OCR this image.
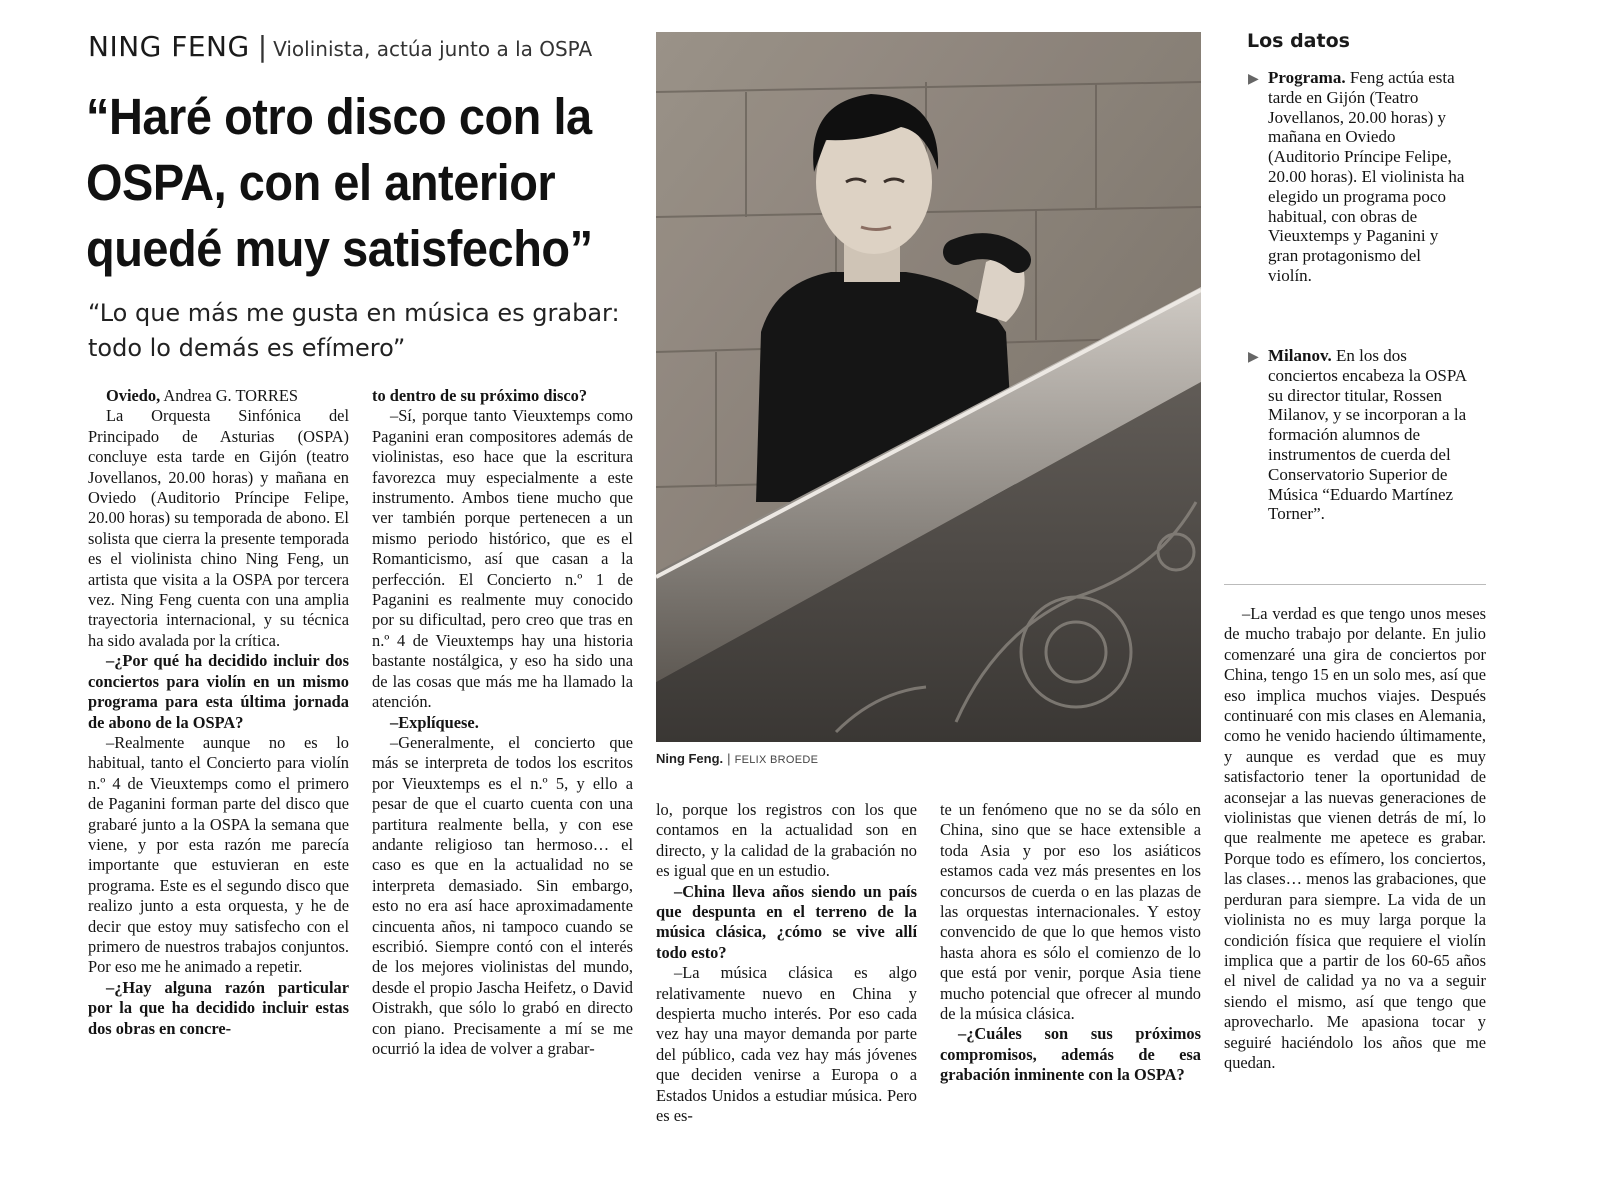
NING FENG | Violinista, actúa junto a la OSPA
“Haré otro disco con la OSPA, con el anterior quedé muy satisfecho”
“Lo que más me gusta en música es grabar: todo lo demás es efímero”

Oviedo, Andrea G. TORRES

La Orquesta Sinfónica del Principado de Asturias (OSPA) concluye esta tarde en Gijón (teatro Jovellanos, 20.00 horas) y mañana en Oviedo (Auditorio Príncipe Felipe, 20.00 horas) su temporada de abono. El solista que cierra la presente temporada es el violinista chino Ning Feng, un artista que visita a la OSPA por tercera vez. Ning Feng cuenta con una amplia trayectoria internacional, y su técnica ha sido avalada por la crítica.

–¿Por qué ha decidido incluir dos conciertos para violín en un mismo programa para esta última jornada de abono de la OSPA?

–Realmente aunque no es lo habitual, tanto el Concierto para violín n.º 4 de Vieuxtemps como el primero de Paganini forman parte del disco que grabaré junto a la OSPA la semana que viene, y por esta razón me parecía importante que estuvieran en este programa. Este es el segundo disco que realizo junto a esta orquesta, y he de decir que estoy muy satisfecho con el primero de nuestros trabajos conjuntos. Por eso me he animado a repetir.

–¿Hay alguna razón particular por la que ha decidido incluir estas dos obras en concre-

to dentro de su próximo disco?

–Sí, porque tanto Vieuxtemps como Paganini eran compositores además de violinistas, eso hace que la escritura favorezca muy especialmente a este instrumento. Ambos tiene mucho que ver también porque pertenecen a un mismo periodo histórico, que es el Romanticismo, así que casan a la perfección. El Concierto n.º 1 de Paganini es realmente muy conocido por su dificultad, pero creo que tras en n.º 4 de Vieuxtemps hay una historia bastante nostálgica, y eso ha sido una de las cosas que más me ha llamado la atención.

–Explíquese.

–Generalmente, el concierto que más se interpreta de todos los escritos por Vieuxtemps es el n.º 5, y ello a pesar de que el cuarto cuenta con una partitura realmente bella, y con ese andante religioso tan hermoso… el caso es que en la actualidad no se interpreta demasiado. Sin embargo, esto no era así hace aproximadamente cincuenta años, ni tampoco cuando se escribió. Siempre contó con el interés de los mejores violinistas del mundo, desde el propio Jascha Heifetz, o David Oistrakh, que sólo lo grabó en directo con piano. Precisamente a mí se me ocurrió la idea de volver a grabar-

Ning Feng. | FELIX BROEDE

lo, porque los registros con los que contamos en la actualidad son en directo, y la calidad de la grabación no es igual que en un estudio.

–China lleva años siendo un país que despunta en el terreno de la música clásica, ¿cómo se vive allí todo esto?

–La música clásica es algo relativamente nuevo en China y despierta mucho interés. Por eso cada vez hay una mayor demanda por parte del público, cada vez hay más jóvenes que deciden venirse a Europa o a Estados Unidos a estudiar música. Pero es es-

te un fenómeno que no se da sólo en China, sino que se hace extensible a toda Asia y por eso los asiáticos estamos cada vez más presentes en los concursos de cuerda o en las plazas de las orquestas internacionales. Y estoy convencido de que lo que hemos visto hasta ahora es sólo el comienzo de lo que está por venir, porque Asia tiene mucho potencial que ofrecer al mundo de la música clásica.

–¿Cuáles son sus próximos compromisos, además de esa grabación inminente con la OSPA?

Los datos
▶ Programa. Feng actúa esta tarde en Gijón (Teatro Jovellanos, 20.00 horas) y mañana en Oviedo (Auditorio Príncipe Felipe, 20.00 horas). El violinista ha elegido un programa poco habitual, con obras de Vieuxtemps y Paganini y gran protagonismo del violín.
▶ Milanov. En los dos conciertos encabeza la OSPA su director titular, Rossen Milanov, y se incorporan a la formación alumnos de instrumentos de cuerda del Conservatorio Superior de Música “Eduardo Martínez Torner”.

–La verdad es que tengo unos meses de mucho trabajo por delante. En julio comenzaré una gira de conciertos por China, tengo 15 en un solo mes, así que eso implica muchos viajes. Después continuaré con mis clases en Alemania, como he venido haciendo últimamente, y aunque es verdad que es muy satisfactorio tener la oportunidad de aconsejar a las nuevas generaciones de violinistas que vienen detrás de mí, lo que realmente me apetece es grabar. Porque todo es efímero, los conciertos, las clases… menos las grabaciones, que perduran para siempre. La vida de un violinista no es muy larga porque la condición física que requiere el violín implica que a partir de los 60-65 años el nivel de calidad ya no va a seguir siendo el mismo, así que tengo que aprovecharlo. Me apasiona tocar y seguiré haciéndolo los años que me quedan.
